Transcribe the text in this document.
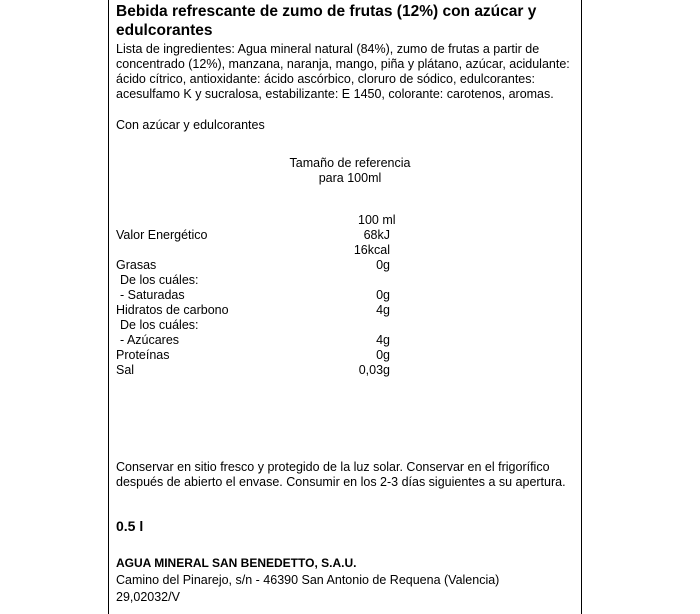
Bebida refrescante de zumo de frutas (12%) con azúcar y edulcorantes
Lista de ingredientes: Agua mineral natural (84%), zumo de frutas a partir de concentrado (12%), manzana, naranja, mango, piña y plátano, azúcar, acidulante: ácido cítrico, antioxidante: ácido ascórbico, cloruro de sódico, edulcorantes: acesulfamo K y sucralosa, estabilizante: E 1450, colorante: carotenos, aromas.
Con azúcar y edulcorantes
Tamaño de referencia
para 100ml
100 ml
Valor Energético	68kJ
16kcal
Grasas	0g
De los cuáles:
- Saturadas	0g
Hidratos de carbono	4g
De los cuáles:
- Azúcares	4g
Proteínas	0g
Sal	0,03g
Conservar en sitio fresco y protegido de la luz solar. Conservar en el frigorífico después de abierto el envase. Consumir en los 2-3 días siguientes a su apertura.
0.5 l
AGUA MINERAL SAN BENEDETTO, S.A.U.
Camino del Pinarejo, s/n - 46390 San Antonio de Requena (Valencia)
29,02032/V
